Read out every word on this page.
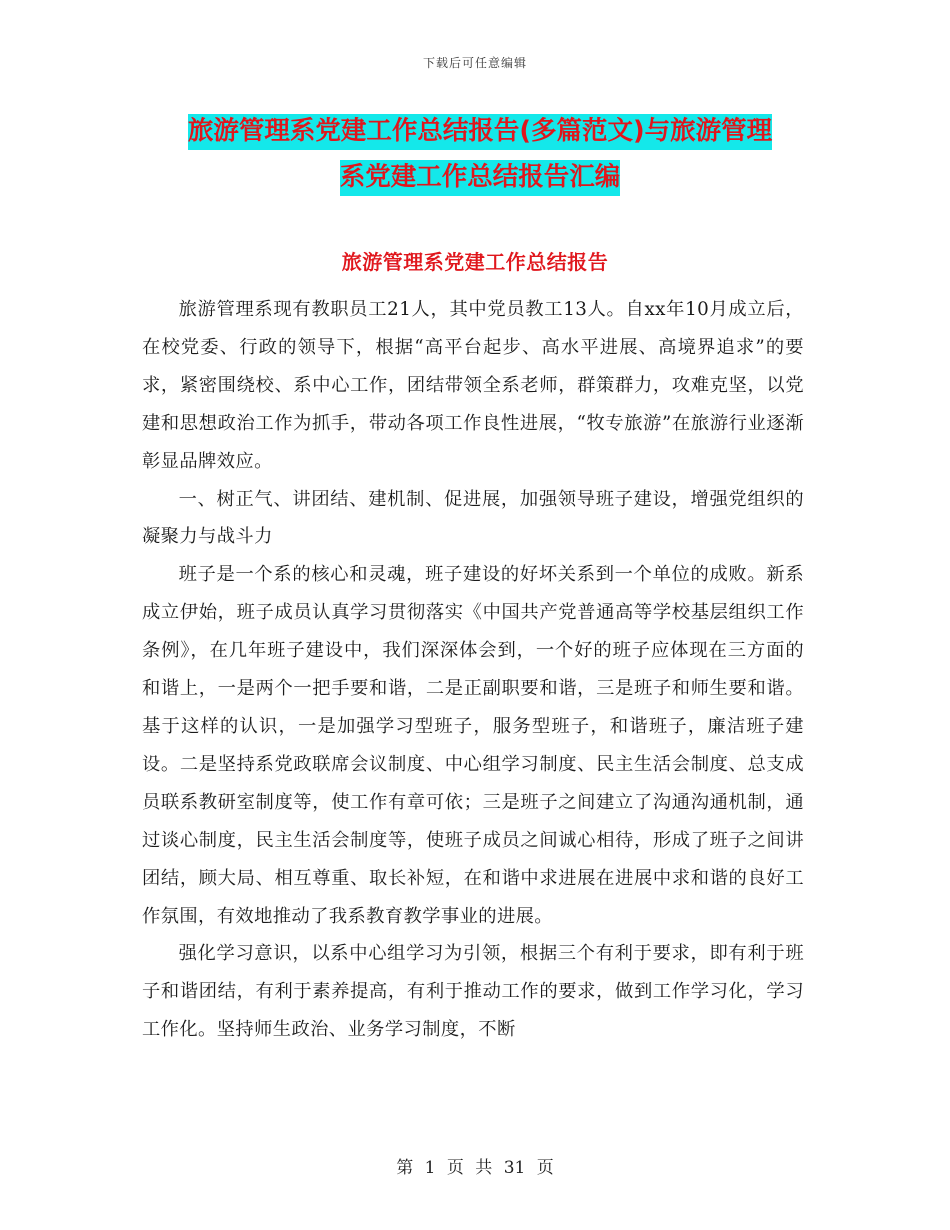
下载后可任意编辑
旅游管理系党建工作总结报告(多篇范文)与旅游管理
系党建工作总结报告汇编
旅游管理系党建工作总结报告

旅游管理系现有教职员工21人，其中党员教工13人。自xx年10月成立后，在校党委、行政的领导下，根据“高平台起步、高水平进展、高境界追求”的要求，紧密围绕校、系中心工作，团结带领全系老师，群策群力，攻难克坚，以党建和思想政治工作为抓手，带动各项工作良性进展，“牧专旅游”在旅游行业逐渐彰显品牌效应。

一、树正气、讲团结、建机制、促进展，加强领导班子建设，增强党组织的凝聚力与战斗力

班子是一个系的核心和灵魂，班子建设的好坏关系到一个单位的成败。新系成立伊始，班子成员认真学习贯彻落实《中国共产党普通高等学校基层组织工作条例》，在几年班子建设中，我们深深体会到，一个好的班子应体现在三方面的和谐上，一是两个一把手要和谐，二是正副职要和谐，三是班子和师生要和谐。基于这样的认识，一是加强学习型班子，服务型班子，和谐班子，廉洁班子建设。二是坚持系党政联席会议制度、中心组学习制度、民主生活会制度、总支成员联系教研室制度等，使工作有章可依；三是班子之间建立了沟通沟通机制，通过谈心制度，民主生活会制度等，使班子成员之间诚心相待，形成了班子之间讲团结，顾大局、相互尊重、取长补短，在和谐中求进展在进展中求和谐的良好工作氛围，有效地推动了我系教育教学事业的进展。

强化学习意识，以系中心组学习为引领，根据三个有利于要求，即有利于班子和谐团结，有利于素养提高，有利于推动工作的要求，做到工作学习化，学习工作化。坚持师生政治、业务学习制度，不断

第 1 页 共 31 页
